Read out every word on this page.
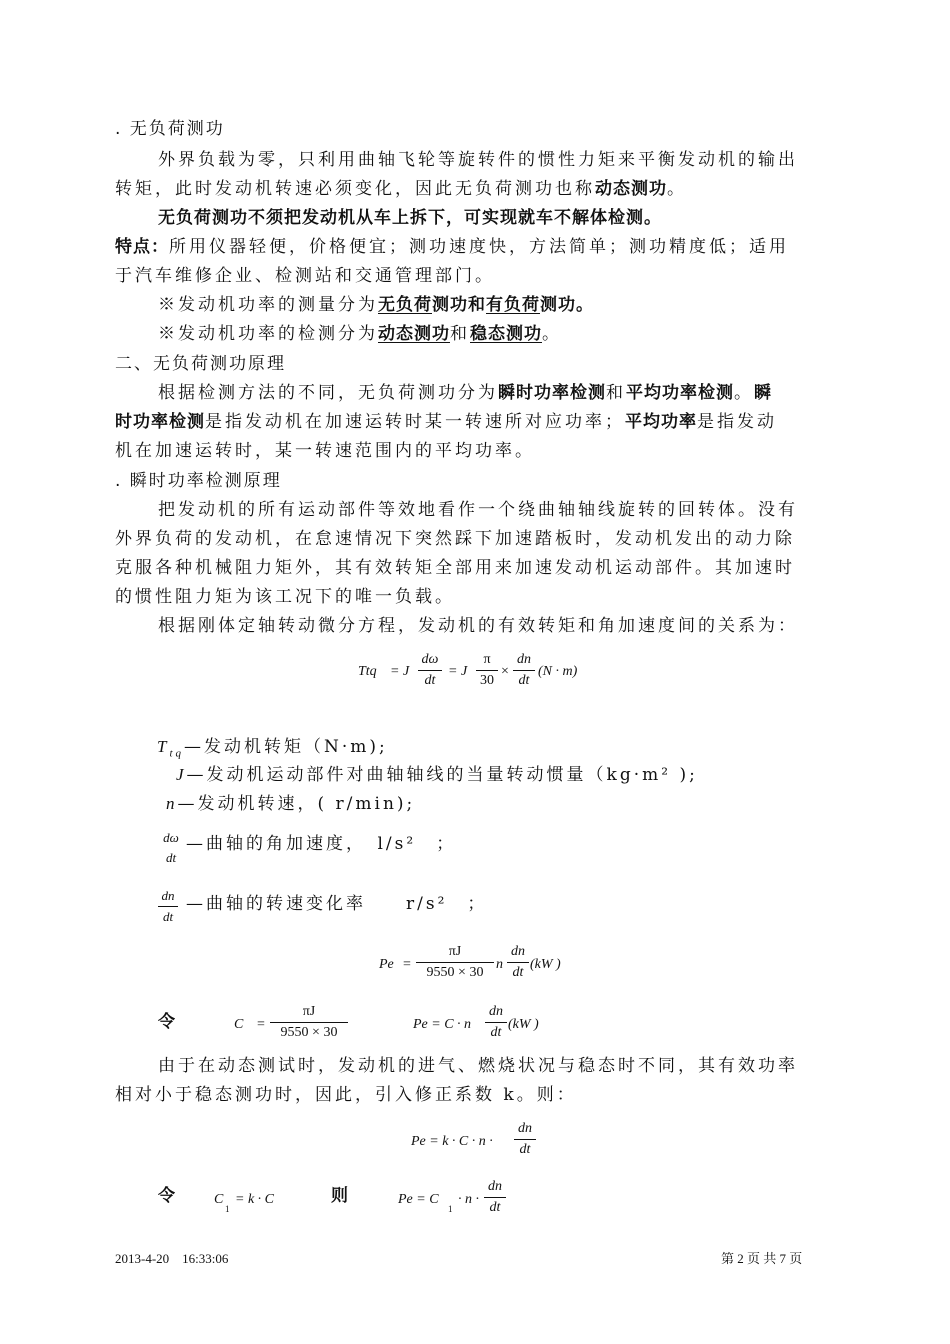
. 无负荷测功
外界负载为零，只利用曲轴飞轮等旋转件的惯性力矩来平衡发动机的输出
转矩，此时发动机转速必须变化，因此无负荷测功也称动态测功。
无负荷测功不须把发动机从车上拆下，可实现就车不解体检测。
特点：所用仪器轻便，价格便宜；测功速度快，方法简单；测功精度低；适用
于汽车维修企业、检测站和交通管理部门。
※发动机功率的测量分为无负荷测功和有负荷测功。
※发动机功率的检测分为动态测功和稳态测功。
二、无负荷测功原理
根据检测方法的不同，无负荷测功分为瞬时功率检测和平均功率检测。瞬
时功率检测是指发动机在加速运转时某一转速所对应功率；平均功率是指发动
机在加速运转时，某一转速范围内的平均功率。
. 瞬时功率检测原理
把发动机的所有运动部件等效地看作一个绕曲轴轴线旋转的回转体。没有
外界负荷的发动机，在怠速情况下突然踩下加速踏板时，发动机发出的动力除
克服各种机械阻力矩外，其有效转矩全部用来加速发动机运动部件。其加速时
的惯性阻力矩为该工况下的唯一负载。
根据刚体定轴转动微分方程，发动机的有效转矩和角加速度间的关系为：
Ttq = J
dω
dt
= J
π
30
×
dn
dt
(N · m)
$T_{tq}—$发动机转矩（N·m);
J—发动机运动部件对曲轴轴线的当量转动惯量（kg·m² );
n—发动机转速，( r/min);
dω
dt
—曲轴的角加速度，　l/s²　；
dn
dt
—曲轴的转速变化率　　r/s²　；
Pe =
πJ
9550 × 30
n
dn
dt
(kW )
令	C =
πJ
9550 × 30
Pe = C · n
dn
dt
(kW )
由于在动态测试时，发动机的进气、燃烧状况与稳态时不同，其有效功率
相对小于稳态测功时，因此，引入修正系数 k。则：
Pe = k · C · n ·
dn
dt
令	C
1
= k · C	则	Pe = C
1
· n ·
dn
dt
2013-4-20　16:33:06	第 2 页 共 7 页
